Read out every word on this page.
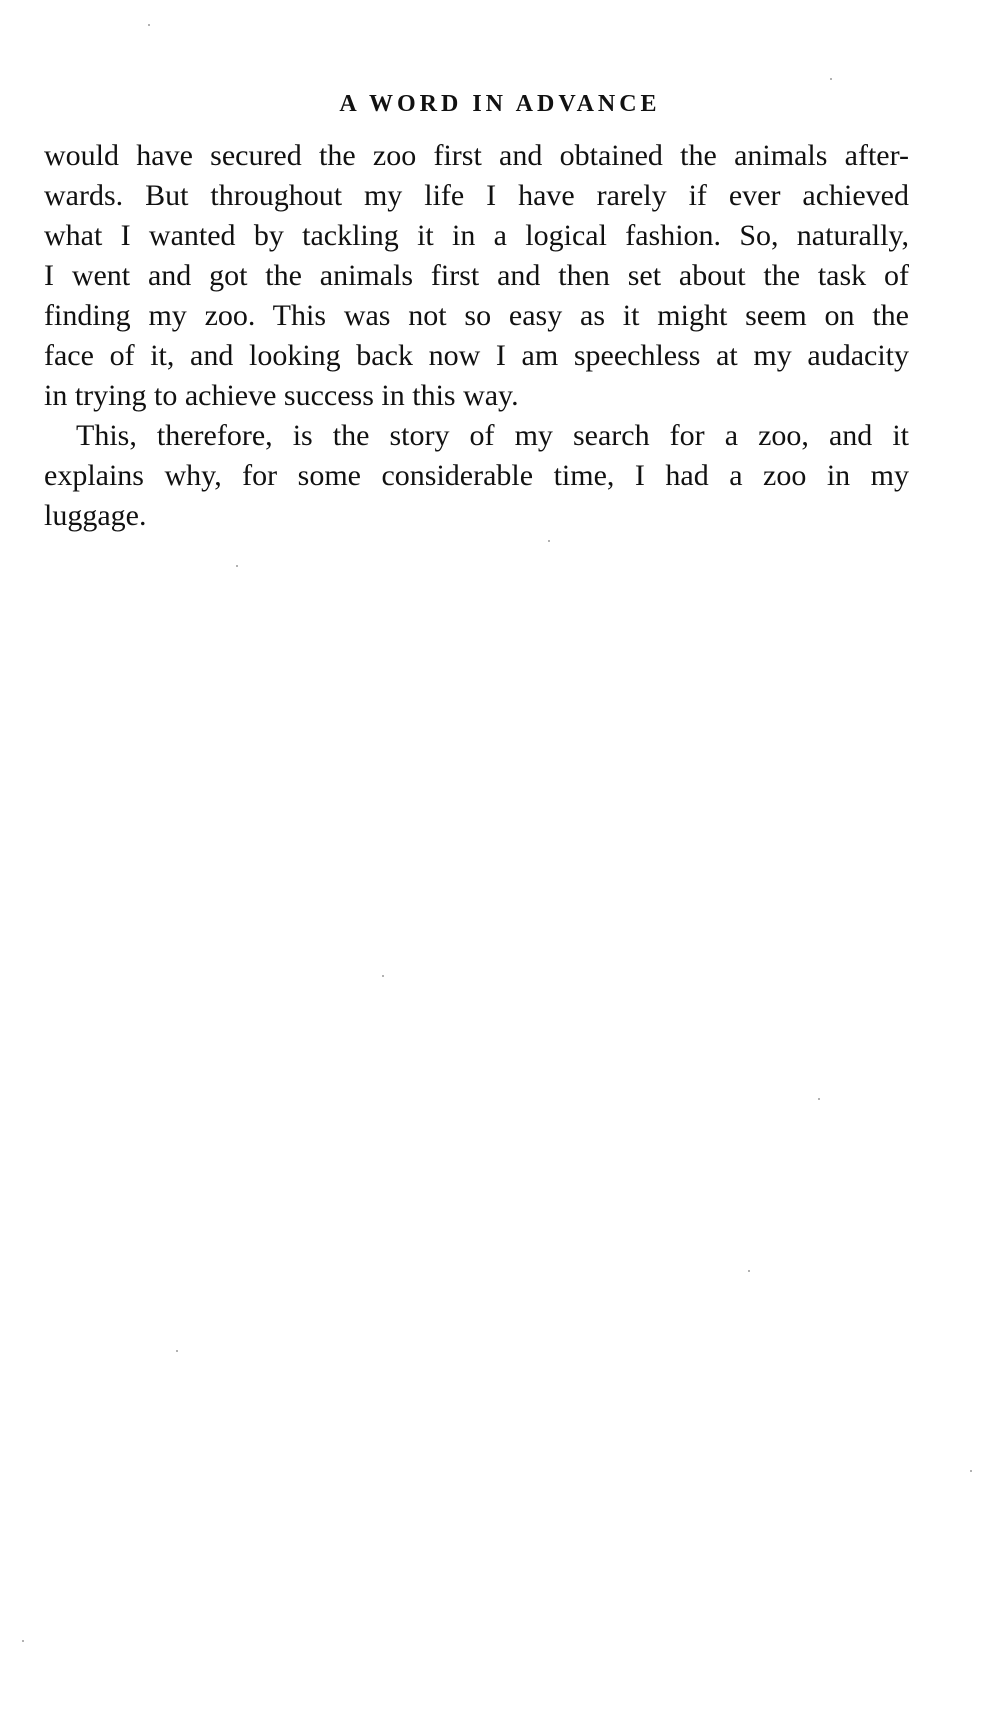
A WORD IN ADVANCE
would have secured the zoo first and obtained the animals after-
wards. But throughout my life I have rarely if ever achieved
what I wanted by tackling it in a logical fashion. So, naturally,
I went and got the animals first and then set about the task of
finding my zoo. This was not so easy as it might seem on the
face of it, and looking back now I am speechless at my audacity
in trying to achieve success in this way.
This, therefore, is the story of my search for a zoo, and it
explains why, for some considerable time, I had a zoo in my
luggage.
